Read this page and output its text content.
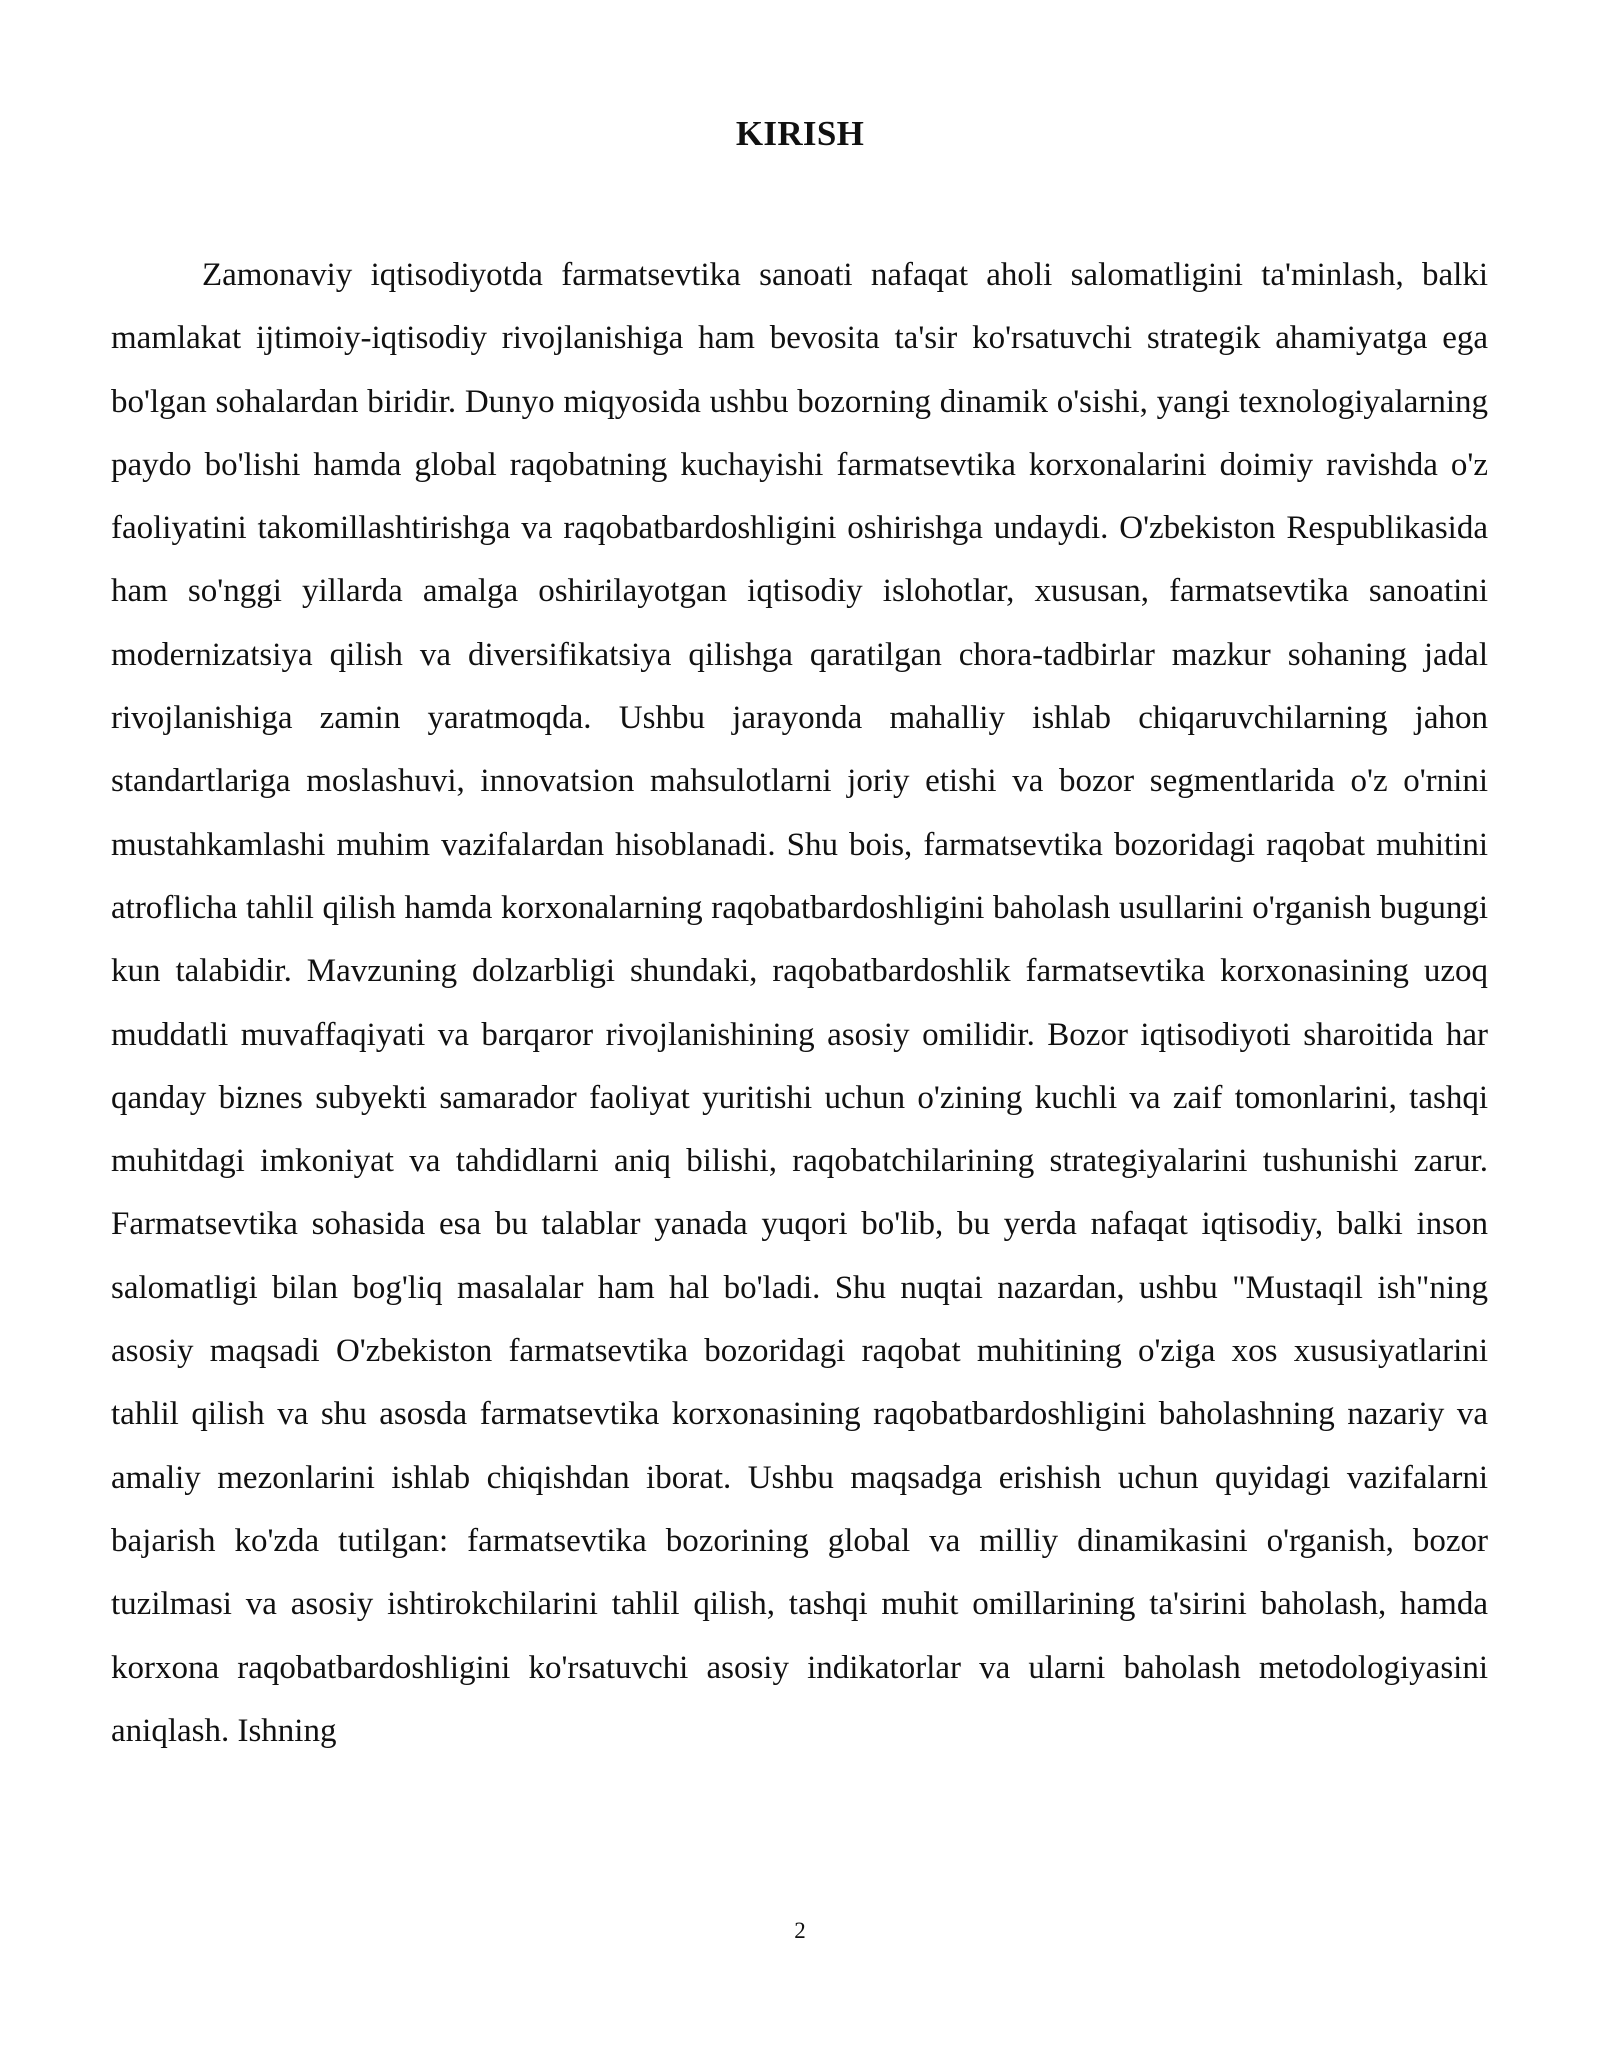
KIRISH

Zamonaviy iqtisodiyotda farmatsevtika sanoati nafaqat aholi salomatligini ta'minlash, balki mamlakat ijtimoiy-iqtisodiy rivojlanishiga ham bevosita ta'sir ko'rsatuvchi strategik ahamiyatga ega bo'lgan sohalardan biridir. Dunyo miqyosida ushbu bozorning dinamik o'sishi, yangi texnologiyalarning paydo bo'lishi hamda global raqobatning kuchayishi farmatsevtika korxonalarini doimiy ravishda o'z faoliyatini takomillashtirishga va raqobatbardoshligini oshirishga undaydi. O'zbekiston Respublikasida ham so'nggi yillarda amalga oshirilayotgan iqtisodiy islohotlar, xususan, farmatsevtika sanoatini modernizatsiya qilish va diversifikatsiya qilishga qaratilgan chora-tadbirlar mazkur sohaning jadal rivojlanishiga zamin yaratmoqda. Ushbu jarayonda mahalliy ishlab chiqaruvchilarning jahon standartlariga moslashuvi, innovatsion mahsulotlarni joriy etishi va bozor segmentlarida o'z o'rnini mustahkamlashi muhim vazifalardan hisoblanadi. Shu bois, farmatsevtika bozoridagi raqobat muhitini atroflicha tahlil qilish hamda korxonalarning raqobatbardoshligini baholash usullarini o'rganish bugungi kun talabidir. Mavzuning dolzarbligi shundaki, raqobatbardoshlik farmatsevtika korxonasining uzoq muddatli muvaffaqiyati va barqaror rivojlanishining asosiy omilidir. Bozor iqtisodiyoti sharoitida har qanday biznes subyekti samarador faoliyat yuritishi uchun o'zining kuchli va zaif tomonlarini, tashqi muhitdagi imkoniyat va tahdidlarni aniq bilishi, raqobatchilarining strategiyalarini tushunishi zarur. Farmatsevtika sohasida esa bu talablar yanada yuqori bo'lib, bu yerda nafaqat iqtisodiy, balki inson salomatligi bilan bog'liq masalalar ham hal bo'ladi. Shu nuqtai nazardan, ushbu "Mustaqil ish"ning asosiy maqsadi O'zbekiston farmatsevtika bozoridagi raqobat muhitining o'ziga xos xususiyatlarini tahlil qilish va shu asosda farmatsevtika korxonasining raqobatbardoshligini baholashning nazariy va amaliy mezonlarini ishlab chiqishdan iborat. Ushbu maqsadga erishish uchun quyidagi vazifalarni bajarish ko'zda tutilgan: farmatsevtika bozorining global va milliy dinamikasini o'rganish, bozor tuzilmasi va asosiy ishtirokchilarini tahlil qilish, tashqi muhit omillarining ta'sirini baholash, hamda korxona raqobatbardoshligini ko'rsatuvchi asosiy indikatorlar va ularni baholash metodologiyasini aniqlash. Ishning

2
